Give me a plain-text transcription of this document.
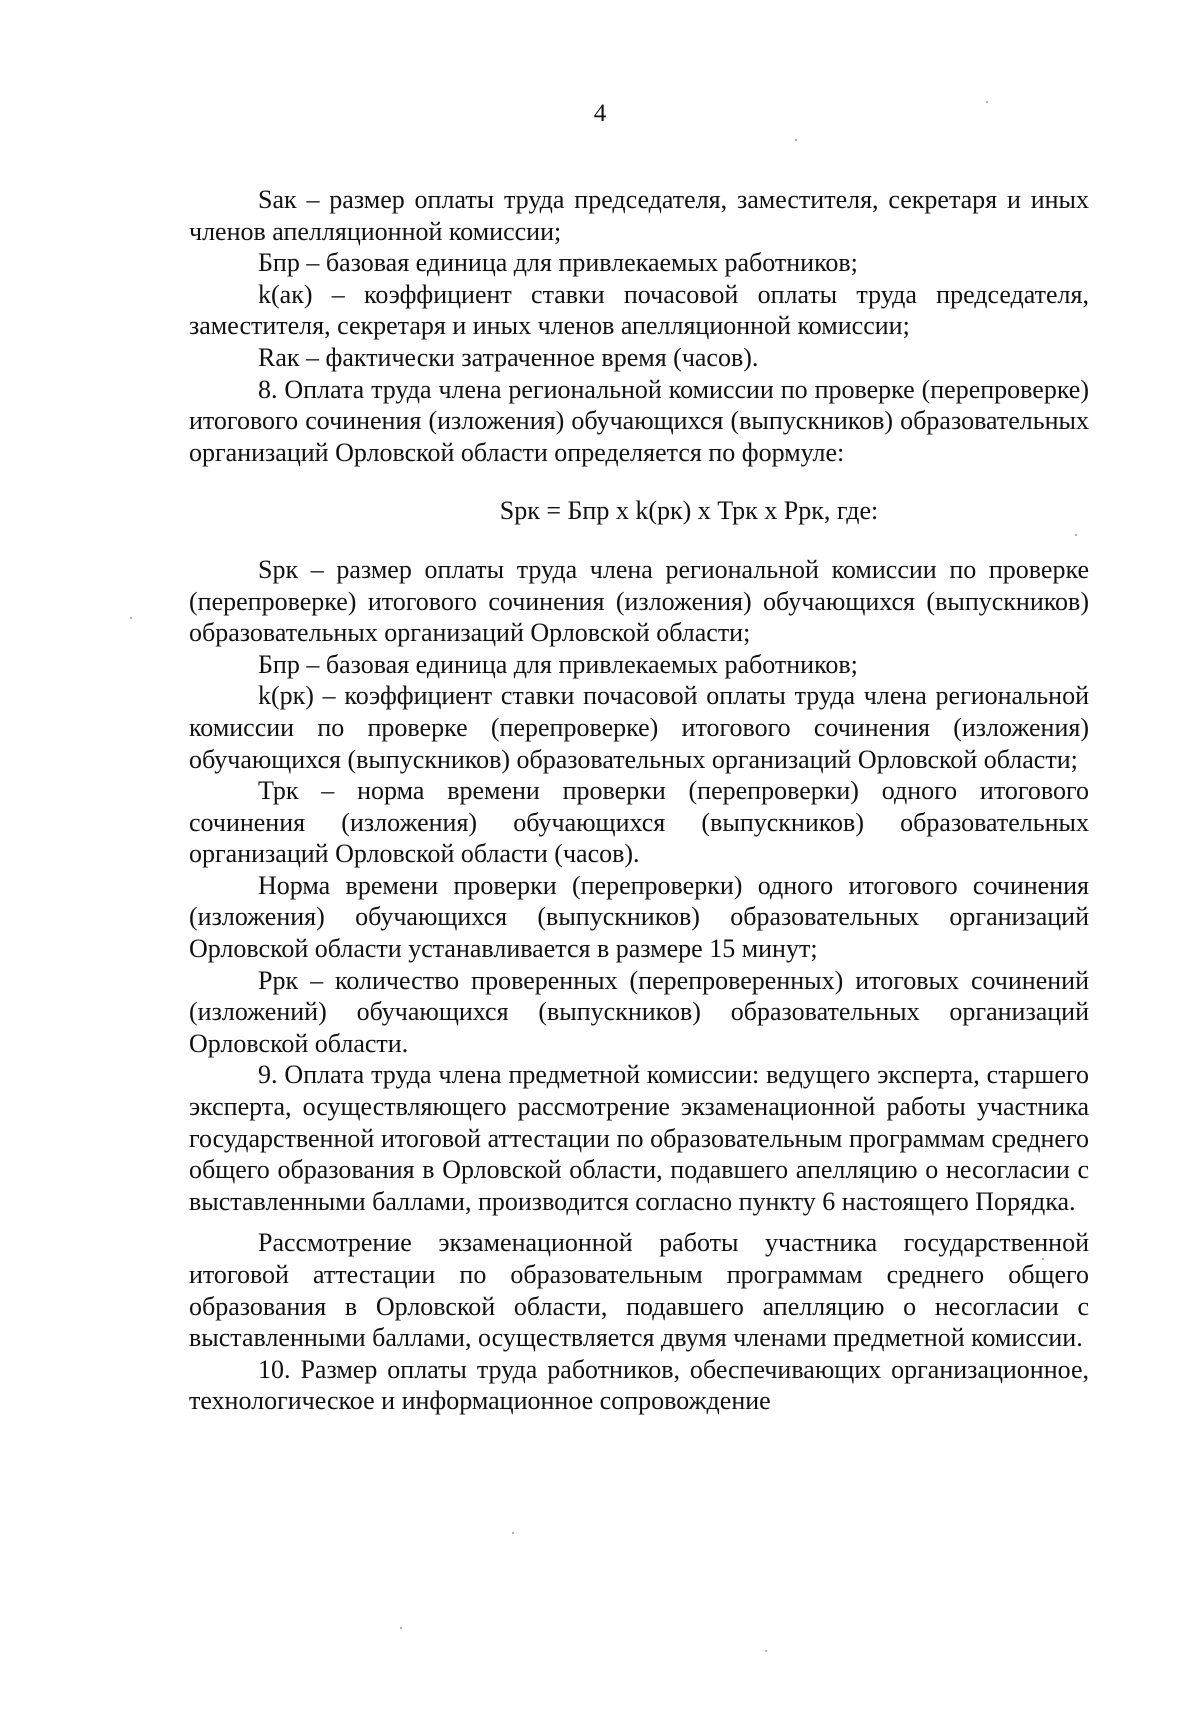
4

Sак – размер оплаты труда председателя, заместителя, секретаря и иных членов апелляционной комиссии;

Бпр – базовая единица для привлекаемых работников;

k(ак) – коэффициент ставки почасовой оплаты труда председателя, заместителя, секретаря и иных членов апелляционной комиссии;

Rак – фактически затраченное время (часов).

8. Оплата труда члена региональной комиссии по проверке (перепроверке) итогового сочинения (изложения) обучающихся (выпускников) образовательных организаций Орловской области определяется по формуле:

Sрк = Бпр х k(рк) х Трк х Ррк, где:

Sрк – размер оплаты труда члена региональной комиссии по проверке (перепроверке) итогового сочинения (изложения) обучающихся (выпускников) образовательных организаций Орловской области;

Бпр – базовая единица для привлекаемых работников;

k(рк) – коэффициент ставки почасовой оплаты труда члена региональной комиссии по проверке (перепроверке) итогового сочинения (изложения) обучающихся (выпускников) образовательных организаций Орловской области;

Трк – норма времени проверки (перепроверки) одного итогового сочинения (изложения) обучающихся (выпускников) образовательных организаций Орловской области (часов).

Норма времени проверки (перепроверки) одного итогового сочинения (изложения) обучающихся (выпускников) образовательных организаций Орловской области устанавливается в размере 15 минут;

Ррк – количество проверенных (перепроверенных) итоговых сочинений (изложений) обучающихся (выпускников) образовательных организаций Орловской области.

9. Оплата труда члена предметной комиссии: ведущего эксперта, старшего эксперта, осуществляющего рассмотрение экзаменационной работы участника государственной итоговой аттестации по образовательным программам среднего общего образования в Орловской области, подавшего апелляцию о несогласии с выставленными баллами, производится согласно пункту 6 настоящего Порядка.

Рассмотрение экзаменационной работы участника государственной итоговой аттестации по образовательным программам среднего общего образования в Орловской области, подавшего апелляцию о несогласии с выставленными баллами, осуществляется двумя членами предметной комиссии.

10. Размер оплаты труда работников, обеспечивающих организационное, технологическое и информационное сопровождение
